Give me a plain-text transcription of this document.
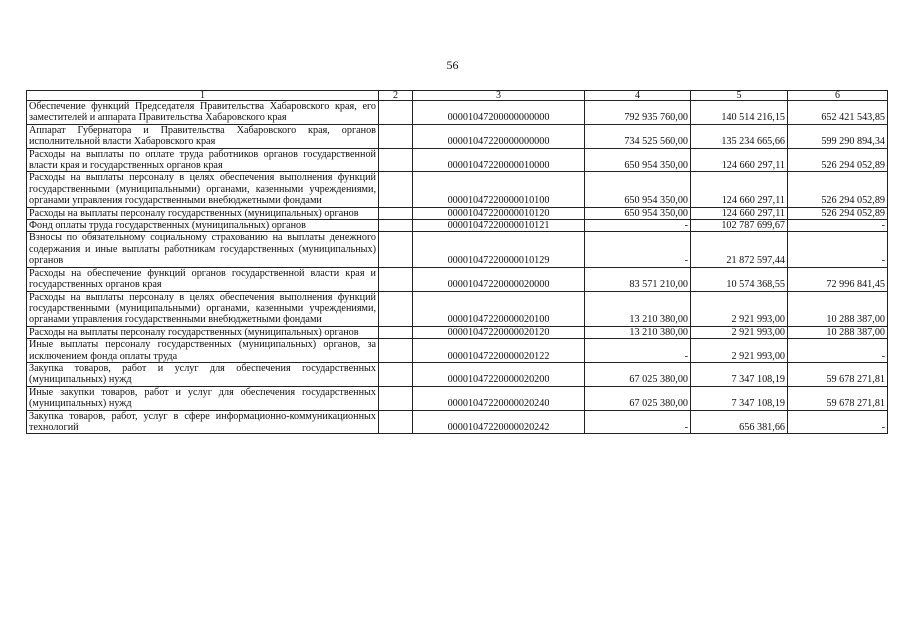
56
1	2	3	4	5	6
Обеспечение функций Председателя Правительства Хабаровского края, его заместителей и аппарата Правительства Хабаровского края		00001047200000000000	792 935 760,00	140 514 216,15	652 421 543,85
Аппарат Губернатора и Правительства Хабаровского края, органов исполнительной власти Хабаровского края		00001047220000000000	734 525 560,00	135 234 665,66	599 290 894,34
Расходы на выплаты по оплате труда работников органов государственной власти края и государственных органов края		00001047220000010000	650 954 350,00	124 660 297,11	526 294 052,89
Расходы на выплаты персоналу в целях обеспечения выполнения функций государственными (муниципальными) органами, казенными учреждениями, органами управления государственными внебюджетными фондами		00001047220000010100	650 954 350,00	124 660 297,11	526 294 052,89
Расходы на выплаты персоналу государственных (муниципальных) органов		00001047220000010120	650 954 350,00	124 660 297,11	526 294 052,89
Фонд оплаты труда государственных (муниципальных) органов		00001047220000010121	-	102 787 699,67	-
Взносы по обязательному социальному страхованию на выплаты денежного содержания и иные выплаты работникам государственных (муниципальных) органов		00001047220000010129	-	21 872 597,44	-
Расходы на обеспечение функций органов государственной власти края и государственных органов края		00001047220000020000	83 571 210,00	10 574 368,55	72 996 841,45
Расходы на выплаты персоналу в целях обеспечения выполнения функций государственными (муниципальными) органами, казенными учреждениями, органами управления государственными внебюджетными фондами		00001047220000020100	13 210 380,00	2 921 993,00	10 288 387,00
Расходы на выплаты персоналу государственных (муниципальных) органов		00001047220000020120	13 210 380,00	2 921 993,00	10 288 387,00
Иные выплаты персоналу государственных (муниципальных) органов, за исключением фонда оплаты труда		00001047220000020122	-	2 921 993,00	-
Закупка товаров, работ и услуг для обеспечения государственных (муниципальных) нужд		00001047220000020200	67 025 380,00	7 347 108,19	59 678 271,81
Иные закупки товаров, работ и услуг для обеспечения государственных (муниципальных) нужд		00001047220000020240	67 025 380,00	7 347 108,19	59 678 271,81
Закупка товаров, работ, услуг в сфере информационно-коммуникационных технологий		00001047220000020242	-	656 381,66	-
